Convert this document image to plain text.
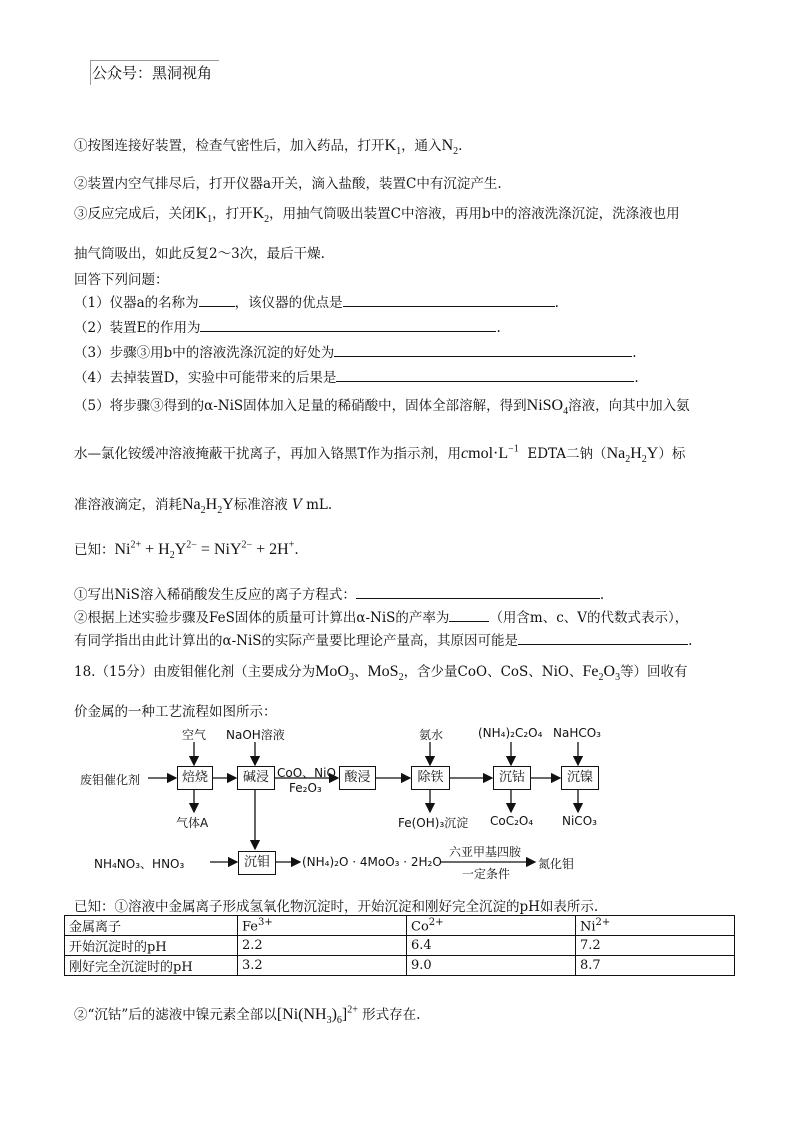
公众号：黑洞视角
①按图连接好装置，检查气密性后，加入药品，打开$K_1$，通入$N_2$.
②装置内空气排尽后，打开仪器a开关，滴入盐酸，装置C中有沉淀产生.
③反应完成后，关闭$K_1$，打开$K_2$，用抽气筒吸出装置C中溶液，再用b中的溶液洗涤沉淀，洗涤液也用
抽气筒吸出，如此反复2～3次，最后干燥.
回答下列问题：
（1）仪器a的名称为	，该仪器的优点是	.
（2）装置E的作用为	.
（3）步骤③用b中的溶液洗涤沉淀的好处为	.
（4）去掉装置D，实验中可能带来的后果是	.
（5）将步骤③得到的α-NiS固体加入足量的稀硝酸中，固体全部溶解，得到NiSO$_4$溶液，向其中加入氨
水—氯化铵缓冲溶液掩蔽干扰离子，再加入铬黑T作为指示剂，用$cmol\cdot L^{-1}$ EDTA二钠$(Na_2H_2Y)$标
准溶液滴定，消耗$Na_2H_2Y$标准溶液 V mL.
已知：$Ni^{2+} + H_2Y^{2-} = NiY^{2-} + 2H^+$.
①写出NiS溶入稀硝酸发生反应的离子方程式：	.
②根据上述实验步骤及FeS固体的质量可计算出α-NiS的产率为	（用含m、c、V的代数式表示），
有同学指出由此计算出的α-NiS的实际产量要比理论产量高，其原因可能是	.
18.（15分）由废钼催化剂（主要成分为MoO$_3$、MoS$_2$，含少量CoO、CoS、NiO、$Fe_2O_3$等）回收有
价金属的一种工艺流程如图所示：
废钼催化剂
空气 NaOH溶液
焙烧	碱浸 CoO、NiO
Fe₂O₃
酸浸
氨水
除铁
(NH₄)₂C₂O₄
沉钴
NaHCO₃
沉镍
气体A	Fe(OH)₃沉淀 CoC₂O₄ NiCO₃
NH₄NO₃、HNO₃	沉钼	(NH₄)₂O · 4MoO₃ · 2H₂O
六亚甲基四胺
一定条件
氮化钼
已知：①溶液中金属离子形成氢氧化物沉淀时，开始沉淀和刚好完全沉淀的pH如表所示.
金属离子	$Fe^{3+}$	$Co^{2+}$	$Ni^{2+}$
开始沉淀时的pH	2.2	6.4	7.2
刚好完全沉淀时的pH	3.2	9.0	8.7
②“沉钴”后的滤液中镍元素全部以$[Ni(NH_3)_6]^{2+}$ 形式存在.
